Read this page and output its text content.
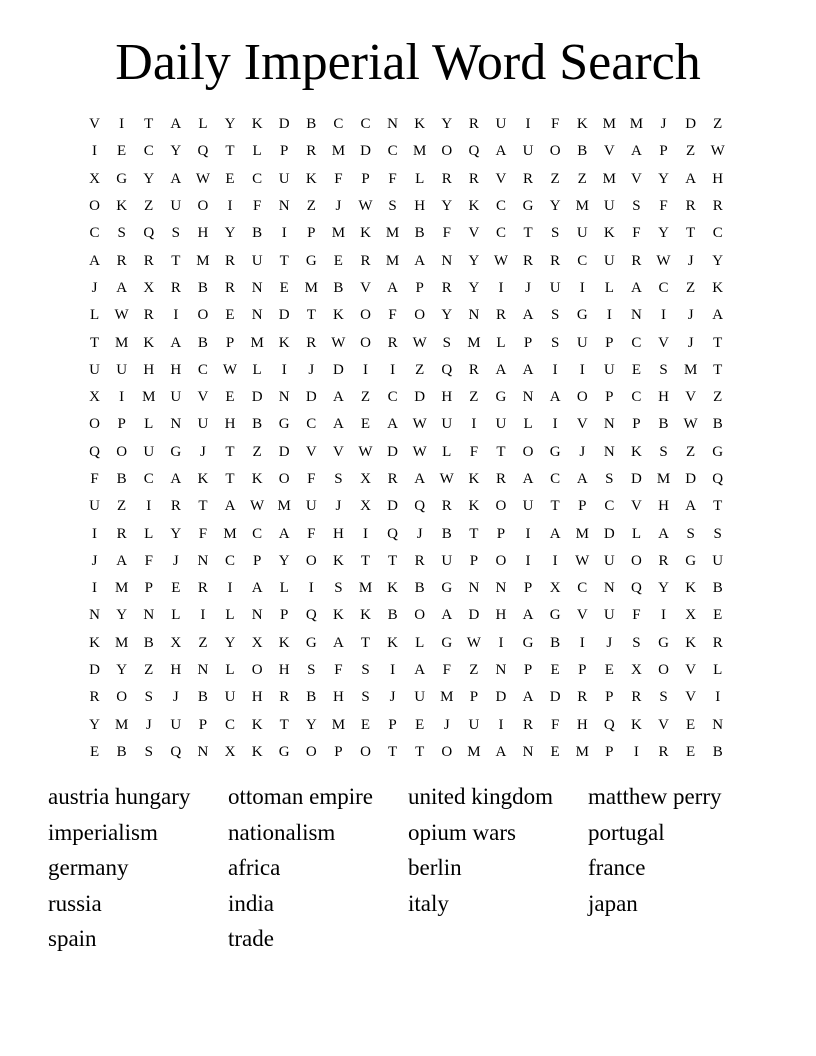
Daily Imperial Word Search
V	I	T	A	L	Y	K	D	B	C	C	N	K	Y	R	U	I	F	K	M M	J	D	Z
I	E	C	Y	Q	T	L	P	R	M	D	C	M	O	Q	A	U	O	B	V	A	P	Z	W
X	G	Y	A W	E	C	U	K	F	P	F	L	R	R	V	R	Z	Z	M	V	Y	A	H
O	K	Z	U	O	I	F	N	Z	J	W	S	H	Y	K	C	G	Y	M	U	S	F	R	R
C	S	Q	S	H	Y	B	I	P	M	K	M	B	F	V	C	T	S	U	K	F	Y	T	C
A	R	R	T	M	R	U	T	G	E	R	M	A	N	Y W	R	R	C	U	R	W	J	Y
J	A	X	R	B	R	N	E	M	B	V	A	P	R	Y	I	J	U	I	L	A	C	Z	K
L	W	R	I	O	E	N	D	T	K	O	F	O	Y	N	R	A	S	G	I	N	I	J	A
T	M	K	A	B	P	M	K	R	W O	R	W	S	M	L	P	S	U	P	C	V	J	T
U	U	H	H	C	W	L	I	J	D	I	I	Z	Q	R	A	A	I	I	U	E	S	M	T
X	I	M	U	V	E	D	N	D	A	Z	C	D	H	Z	G	N	A	O	P	C	H	V	Z
O	P	L	N	U	H	B	G	C	A	E	A W U	I	U	L	I	V	N	P	B	W	B
Q	O	U	G	J	T	Z	D	V	V W D W	L	F	T	O	G	J	N	K	S	Z	G
F	B	C	A	K	T	K	O	F	S	X	R	A W K	R	A	C	A	S	D	M	D	Q
U	Z	I	R	T	A W M	U	J	X	D	Q	R	K	O	U	T	P	C	V	H	A	T
I	R	L	Y	F	M	C	A	F	H	I	Q	J	B	T	P	I	A	M	D	L	A	S	S
J	A	F	J	N	C	P	Y	O	K	T	T	R	U	P	O	I	I	W U	O	R	G	U
I	M	P	E	R	I	A	L	I	S	M	K	B	G	N	N	P	X	C	N	Q	Y	K	B
N	Y	N	L	I	L	N	P	Q	K	K	B	O	A	D	H	A	G	V	U	F	I	X	E
K	M	B	X	Z	Y	X	K	G	A	T	K	L	G W	I	G	B	I	J	S	G	K	R
D	Y	Z	H	N	L	O	H	S	F	S	I	A	F	Z	N	P	E	P	E	X	O	V	L
R	O	S	J	B	U	H	R	B	H	S	J	U	M	P	D	A	D	R	P	R	S	V	I
Y	M	J	U	P	C	K	T	Y	M	E	P	E	J	U	I	R	F	H	Q	K	V	E	N
E	B	S	Q	N	X	K	G	O	P	O	T	T	O	M	A	N	E	M	P	I	R	E	B
austria hungary	ottoman empire	united kingdom	matthew perry
imperialism	nationalism	opium wars	portugal
germany	africa	berlin	france
russia	india	italy	japan
spain	trade
